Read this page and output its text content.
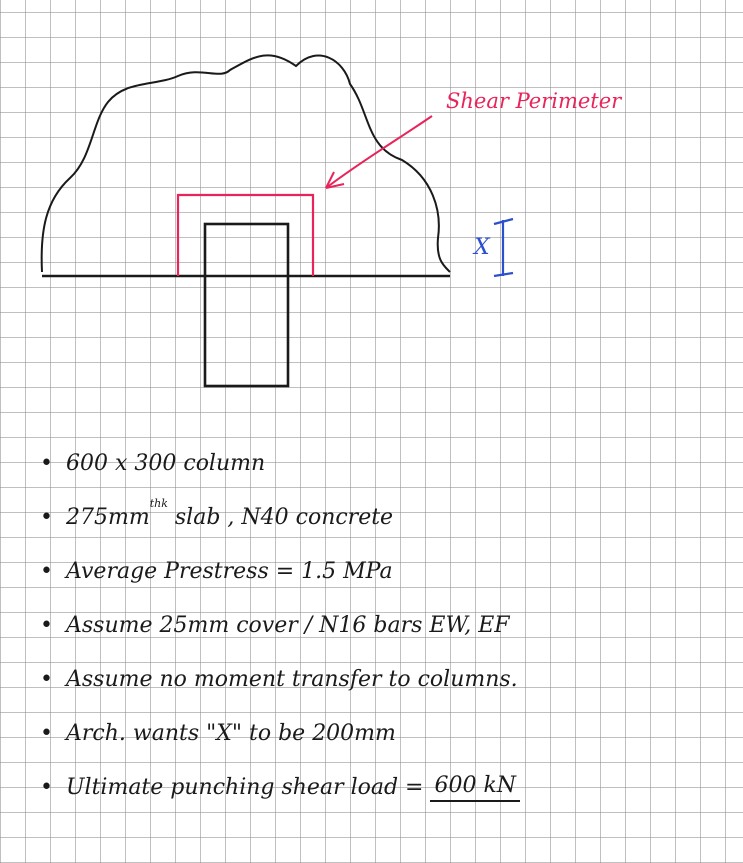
Shear Perimeter
X
• 600 x 300 column
• 275mm
thk
slab , N40 concrete
• Average Prestress = 1.5 MPa
• Assume 25mm cover / N16 bars EW, EF
• Assume no moment transfer to columns.
• Arch. wants "X" to be 200mm
• Ultimate punching shear load = 600 kN
